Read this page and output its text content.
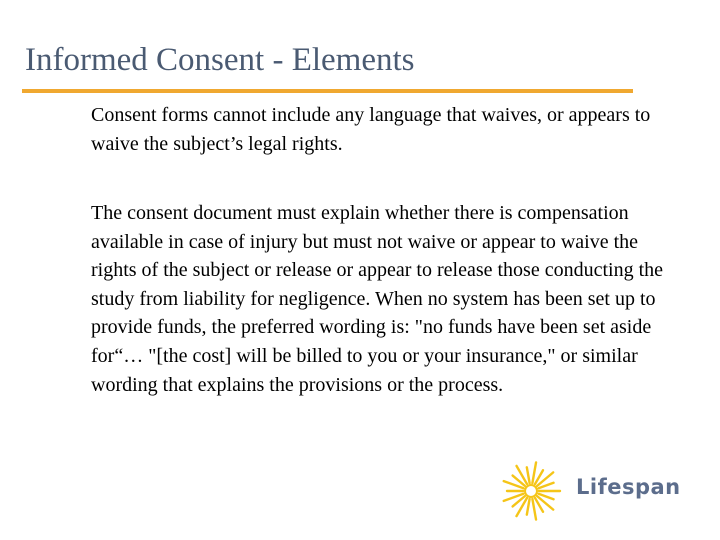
Informed Consent - Elements

Consent forms cannot include any language that waives, or appears to waive the subject’s legal rights.

The consent document must explain whether there is compensation available in case of injury but must not waive or appear to waive the rights of the subject or release or appear to release those conducting the study from liability for negligence. When no system has been set up to provide funds, the preferred wording is: "no funds have been set aside for“… "[the cost] will be billed to you or your insurance," or similar wording that explains the provisions or the process.

Lifespan
